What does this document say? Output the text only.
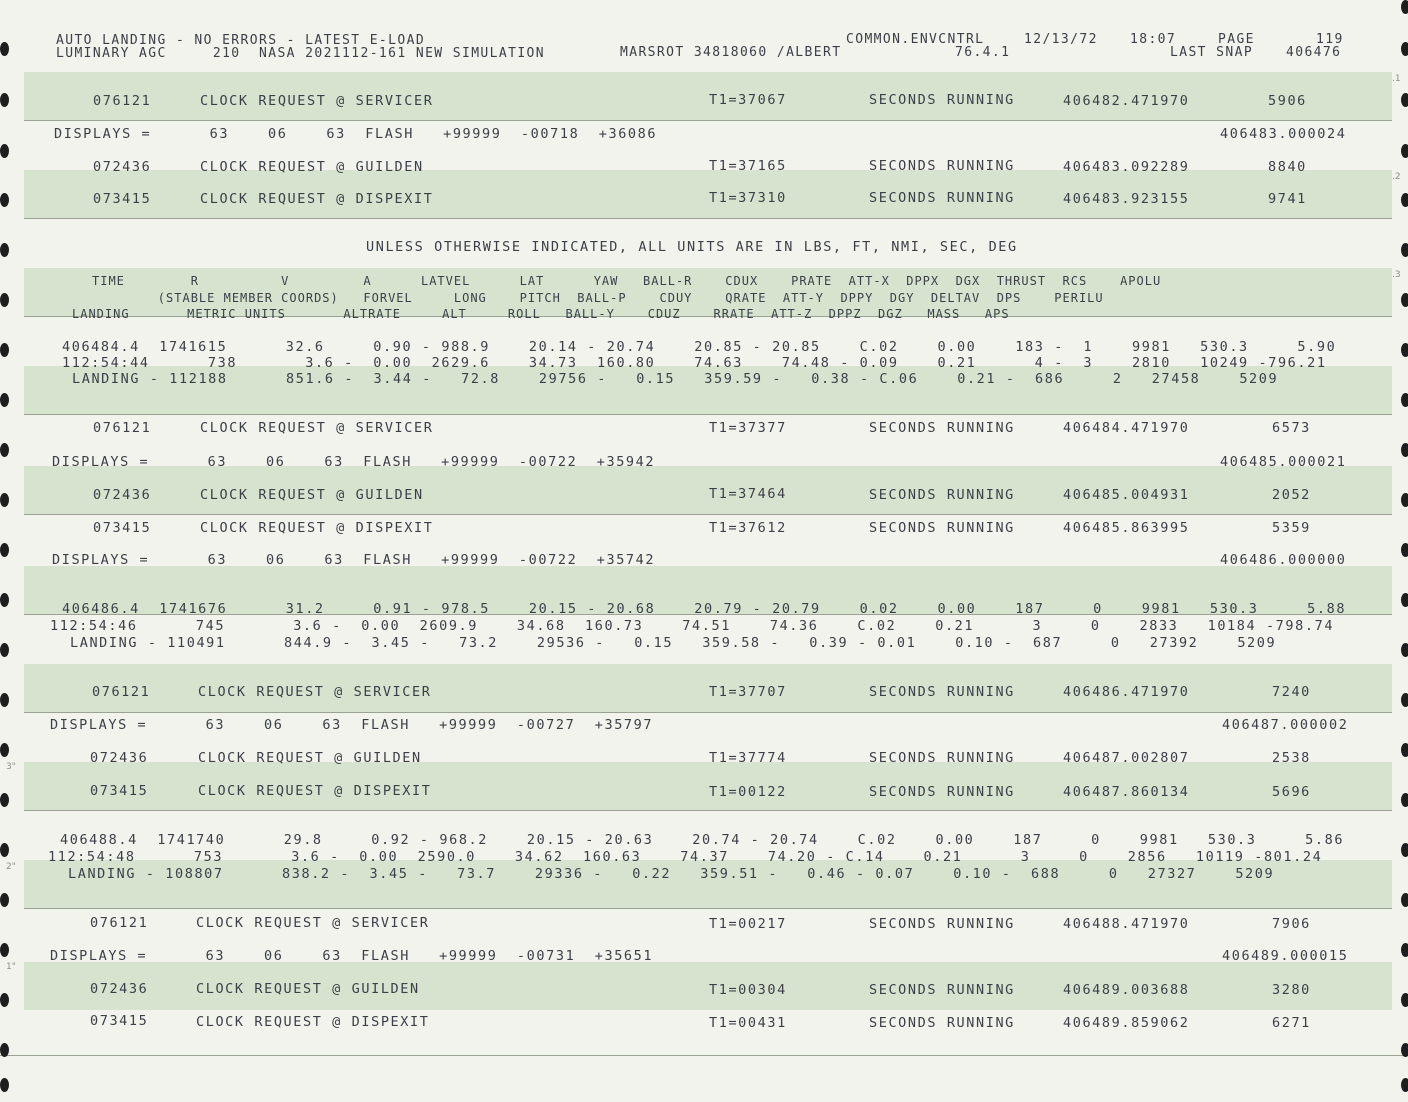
.1
.2
.3
3"
2"
1"
AUTO LANDING - NO ERRORS - LATEST E-LOAD
LUMINARY AGC     210  NASA 2021112-161 NEW SIMULATION
COMMON.ENVCNTRL
MARSROT 34818060 /ALBERT	76.4.1
12/13/72 18:07	PAGE	119
LAST SNAP	406476
UNLESS OTHERWISE INDICATED, ALL UNITS ARE IN LBS, FT, NMI, SEC, DEG
TIME        R          V         A      LATVEL      LAT      YAW   BALL-R    CDUX    PRATE  ATT-X  DPPX  DGX  THRUST  RCS    APOLU
(STABLE MEMBER COORDS)   FORVEL     LONG    PITCH  BALL-P    CDUY    QRATE  ATT-Y  DPPY  DGY  DELTAV  DPS    PERILU
LANDING       METRIC UNITS       ALTRATE     ALT     ROLL   BALL-Y    CDUZ    RRATE  ATT-Z  DPPZ  DGZ   MASS   APS
076121	CLOCK REQUEST @ SERVICER	T1=37067	SECONDS RUNNING	406482.471970	5906
DISPLAYS =      63    06    63  FLASH   +99999  -00718  +36086	406483.000024
072436	CLOCK REQUEST @ GUILDEN	T1=37165	SECONDS RUNNING	406483.092289	8840
073415	CLOCK REQUEST @ DISPEXIT	T1=37310	SECONDS RUNNING	406483.923155	9741
406484.4  1741615      32.6     0.90 - 988.9    20.14 - 20.74    20.85 - 20.85    C.02    0.00    183 -  1    9981   530.3     5.90
112:54:44      738       3.6 -  0.00  2629.6    34.73  160.80    74.63    74.48 - 0.09    0.21      4 -  3    2810   10249 -796.21
LANDING - 112188      851.6 -  3.44 -   72.8    29756 -   0.15   359.59 -   0.38 - C.06    0.21 -  686     2   27458    5209
076121	CLOCK REQUEST @ SERVICER	T1=37377	SECONDS RUNNING	406484.471970	6573
DISPLAYS =      63    06    63  FLASH   +99999  -00722  +35942	406485.000021
072436	CLOCK REQUEST @ GUILDEN	T1=37464	SECONDS RUNNING	406485.004931	2052
073415	CLOCK REQUEST @ DISPEXIT	T1=37612	SECONDS RUNNING	406485.863995	5359
DISPLAYS =      63    06    63  FLASH   +99999  -00722  +35742	406486.000000
406486.4  1741676      31.2     0.91 - 978.5    20.15 - 20.68    20.79 - 20.79    0.02    0.00    187     0    9981   530.3     5.88
112:54:46      745       3.6 -  0.00  2609.9    34.68  160.73    74.51    74.36    C.02    0.21      3     0    2833   10184 -798.74
LANDING - 110491      844.9 -  3.45 -   73.2    29536 -   0.15   359.58 -   0.39 - 0.01    0.10 -  687     0   27392    5209
076121	CLOCK REQUEST @ SERVICER	T1=37707	SECONDS RUNNING	406486.471970	7240
DISPLAYS =      63    06    63  FLASH   +99999  -00727  +35797	406487.000002
072436	CLOCK REQUEST @ GUILDEN	T1=37774	SECONDS RUNNING	406487.002807	2538
073415	CLOCK REQUEST @ DISPEXIT	T1=00122	SECONDS RUNNING	406487.860134	5696
406488.4  1741740      29.8     0.92 - 968.2    20.15 - 20.63    20.74 - 20.74    C.02    0.00    187     0    9981   530.3     5.86
112:54:48      753       3.6 -  0.00  2590.0    34.62  160.63    74.37    74.20 - C.14    0.21      3     0    2856   10119 -801.24
LANDING - 108807      838.2 -  3.45 -   73.7    29336 -   0.22   359.51 -   0.46 - 0.07    0.10 -  688     0   27327    5209
076121	CLOCK REQUEST @ SERVICER	T1=00217	SECONDS RUNNING	406488.471970	7906
DISPLAYS =      63    06    63  FLASH   +99999  -00731  +35651	406489.000015
072436	CLOCK REQUEST @ GUILDEN	T1=00304	SECONDS RUNNING	406489.003688	3280
073415	CLOCK REQUEST @ DISPEXIT	T1=00431	SECONDS RUNNING	406489.859062	6271
